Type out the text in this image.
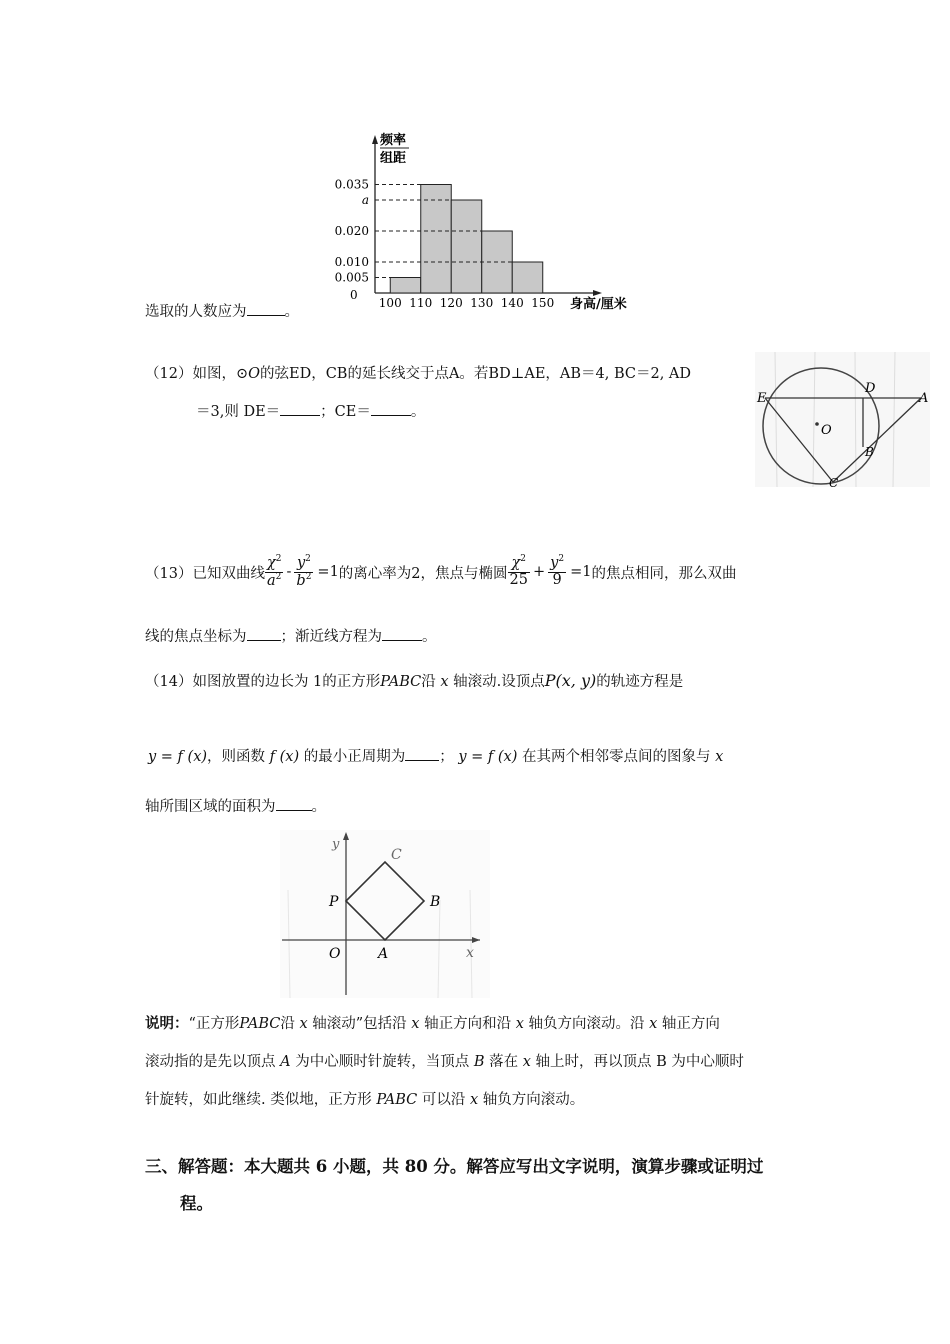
频率
组距
0.035
a
0.020
0.010
0.005
0
100 110 120 130 140 150 身高/厘米
选取的人数应为	。
（12）如图，⊙O的弦ED，CB的延长线交于点A。若BD⊥AE，AB＝4, BC＝2, AD
＝3,则 DE＝	；CE＝	。
E
D
A
O
B
C
（13）已知双曲线 $\frac{\chi^2}{a^2} - \frac{y^2}{b^2} =1$ 的离心率为2，焦点与椭圆 $\frac{\chi^2}{25} + \frac{y^2}{9} =1$ 的焦点相同，那么双曲
线的焦点坐标为 ；渐近线方程为	。
（14）如图放置的边长为 1的正方形PABC沿 x 轴滚动.设顶点P(x, y)的轨迹方程是
y = f (x)，则函数 f (x) 的最小正周期为 ； y = f (x) 在其两个相邻零点间的图象与 x
轴所围区域的面积为 。
y
C
P	B
O	A	x
说明：“正方形PABC沿 x 轴滚动”包括沿 x 轴正方向和沿 x 轴负方向滚动。沿 x 轴正方向
滚动指的是先以顶点 A 为中心顺时针旋转，当顶点 B 落在 x 轴上时，再以顶点 B 为中心顺时
针旋转，如此继续. 类似地，正方形 PABC 可以沿 x 轴负方向滚动。
三、解答题：本大题共 6 小题，共 80 分。解答应写出文字说明，演算步骤或证明过
程。
